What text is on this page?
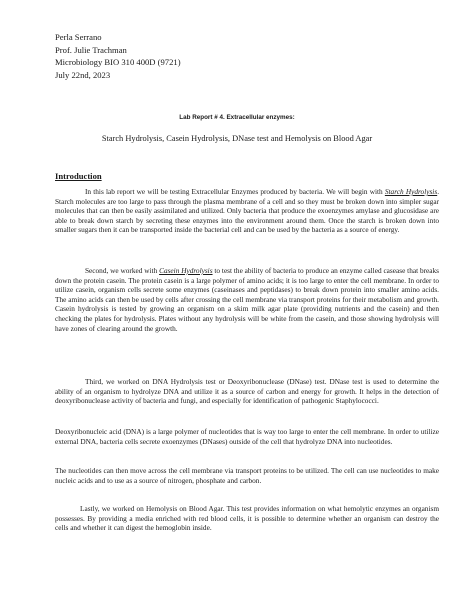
Perla Serrano
Prof. Julie Trachman
Microbiology BIO 310 400D (9721)
July 22nd, 2023
Lab Report # 4. Extracellular enzymes:
Starch Hydrolysis, Casein Hydrolysis, DNase test and Hemolysis on Blood Agar
Introduction

In this lab report we will be testing Extracellular Enzymes produced by bacteria. We will begin with Starch Hydrolysis. Starch molecules are too large to pass through the plasma membrane of a cell and so they must be broken down into simpler sugar molecules that can then be easily assimilated and utilized. Only bacteria that produce the exoenzymes amylase and glucosidase are able to break down starch by secreting these enzymes into the environment around them. Once the starch is broken down into smaller sugars then it can be transported inside the bacterial cell and can be used by the bacteria as a source of energy.

Second, we worked with Casein Hydrolysis to test the ability of bacteria to produce an enzyme called casease that breaks down the protein casein. The protein casein is a large polymer of amino acids; it is too large to enter the cell membrane. In order to utilize casein, organism cells secrete some enzymes (caseinases and peptidases) to break down protein into smaller amino acids. The amino acids can then be used by cells after crossing the cell membrane via transport proteins for their metabolism and growth. Casein hydrolysis is tested by growing an organism on a skim milk agar plate (providing nutrients and the casein) and then checking the plates for hydrolysis. Plates without any hydrolysis will be white from the casein, and those showing hydrolysis will have zones of clearing around the growth.

Third, we worked on DNA Hydrolysis test or Deoxyribonuclease (DNase) test. DNase test is used to determine the ability of an organism to hydrolyze DNA and utilize it as a source of carbon and energy for growth. It helps in the detection of deoxyribonuclease activity of bacteria and fungi, and especially for identification of pathogenic Staphylococci.

Deoxyribonucleic acid (DNA) is a large polymer of nucleotides that is way too large to enter the cell membrane. In order to utilize external DNA, bacteria cells secrete exoenzymes (DNases) outside of the cell that hydrolyze DNA into nucleotides.

The nucleotides can then move across the cell membrane via transport proteins to be utilized. The cell can use nucleotides to make nucleic acids and to use as a source of nitrogen, phosphate and carbon.

Lastly, we worked on Hemolysis on Blood Agar. This test provides information on what hemolytic enzymes an organism possesses. By providing a media enriched with red blood cells, it is possible to determine whether an organism can destroy the cells and whether it can digest the hemoglobin inside.
